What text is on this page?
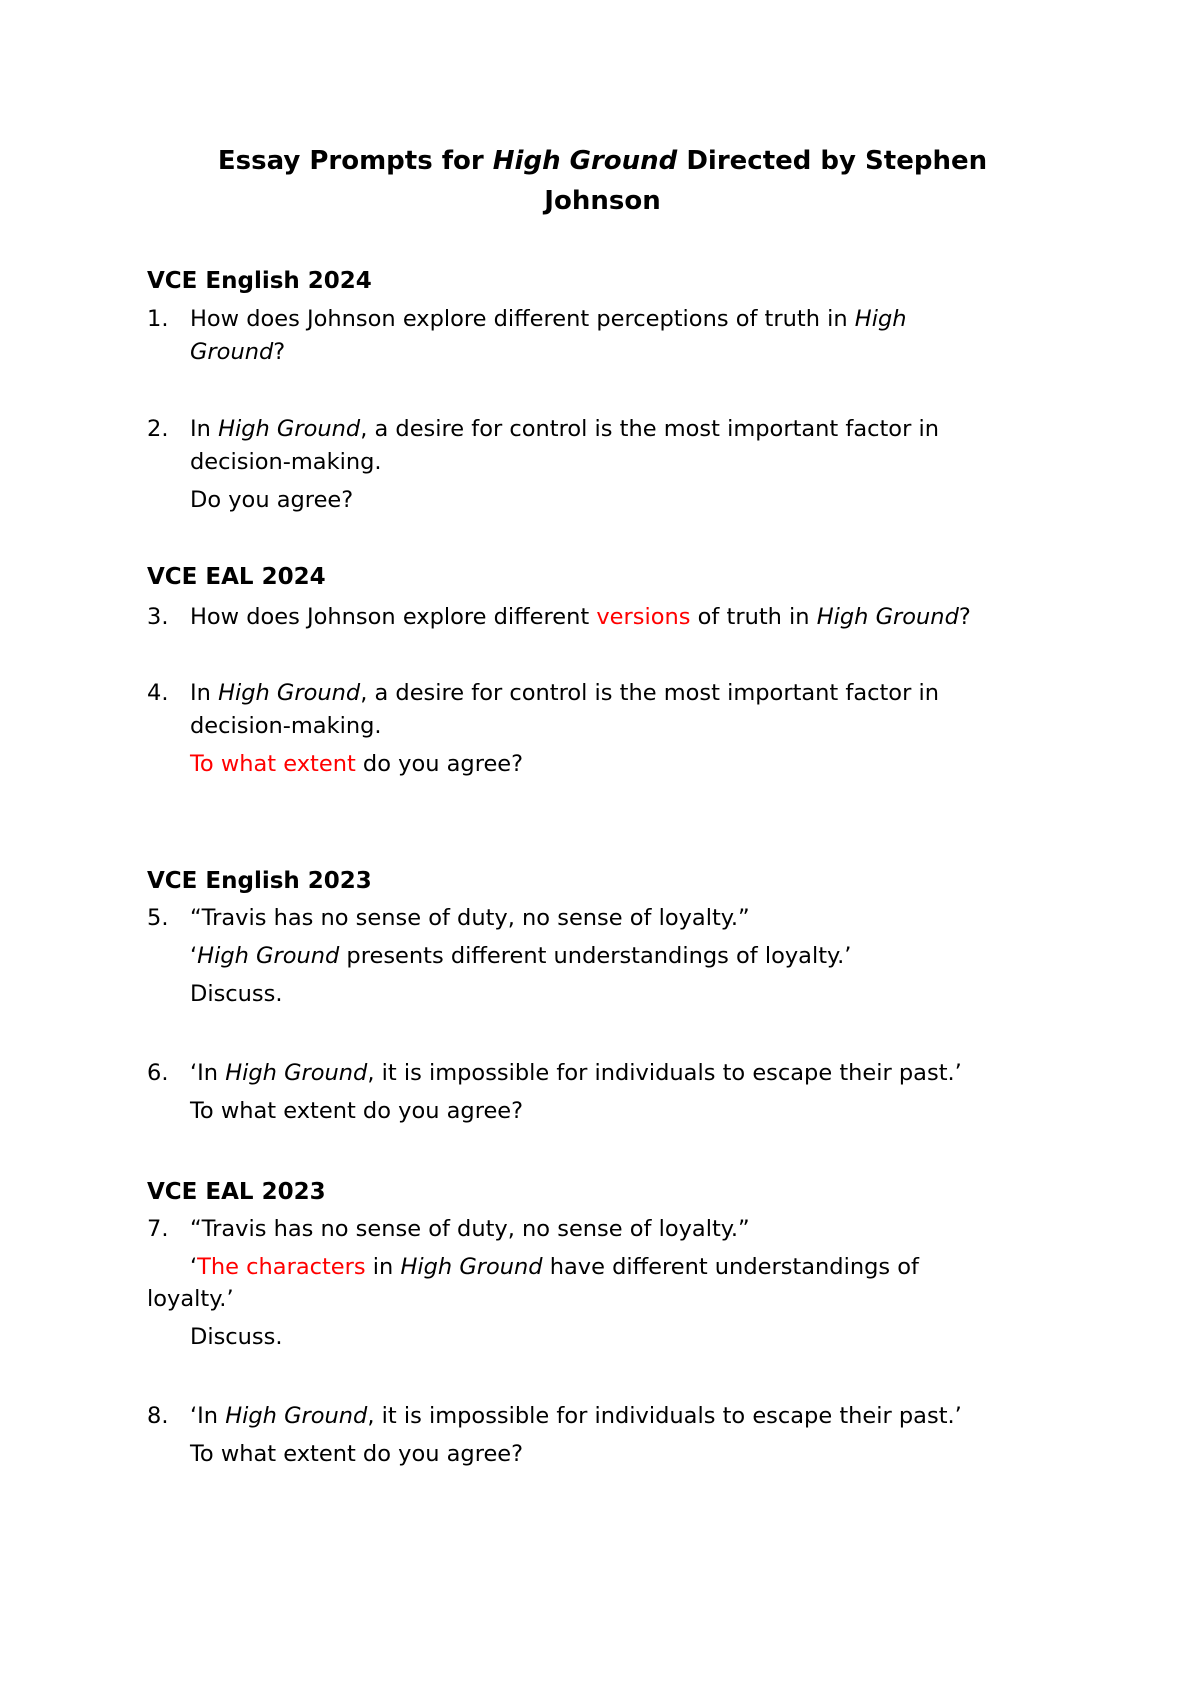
Essay Prompts for High Ground Directed by Stephen
Johnson
VCE English 2024
1. How does Johnson explore different perceptions of truth in High
Ground?
2. In High Ground, a desire for control is the most important factor in
decision-making.
Do you agree?
VCE EAL 2024
3. How does Johnson explore different versions of truth in High Ground?
4. In High Ground, a desire for control is the most important factor in
decision-making.
To what extent do you agree?
VCE English 2023
5. “Travis has no sense of duty, no sense of loyalty.”
‘High Ground presents different understandings of loyalty.’
Discuss.
6. ‘In High Ground, it is impossible for individuals to escape their past.’
To what extent do you agree?
VCE EAL 2023
7. “Travis has no sense of duty, no sense of loyalty.”
‘The characters in High Ground have different understandings of
loyalty.’
Discuss.
8. ‘In High Ground, it is impossible for individuals to escape their past.’
To what extent do you agree?
